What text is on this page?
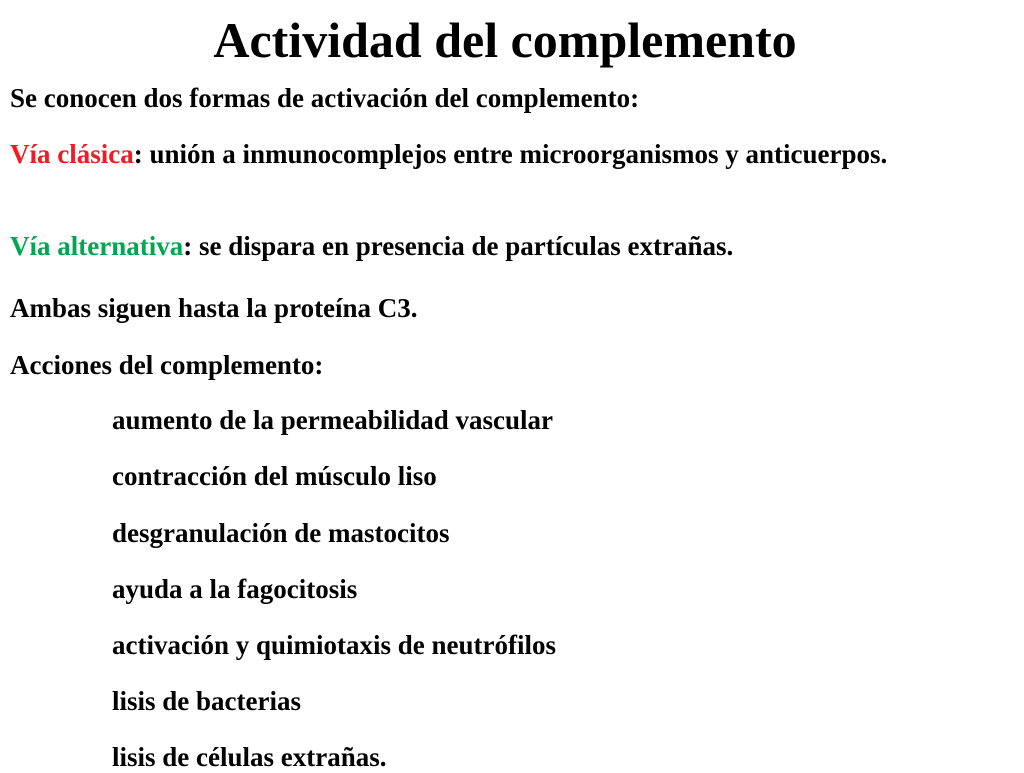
Actividad del complemento
Se conocen dos formas de activación del complemento:
Vía clásica: unión a inmunocomplejos entre microorganismos y anticuerpos.
Vía alternativa: se dispara en presencia de partículas extrañas.
Ambas siguen hasta la proteína C3.
Acciones del complemento:
aumento de la permeabilidad vascular
contracción del músculo liso
desgranulación de mastocitos
ayuda a la fagocitosis
activación y quimiotaxis de neutrófilos
lisis de bacterias
lisis de células extrañas.
